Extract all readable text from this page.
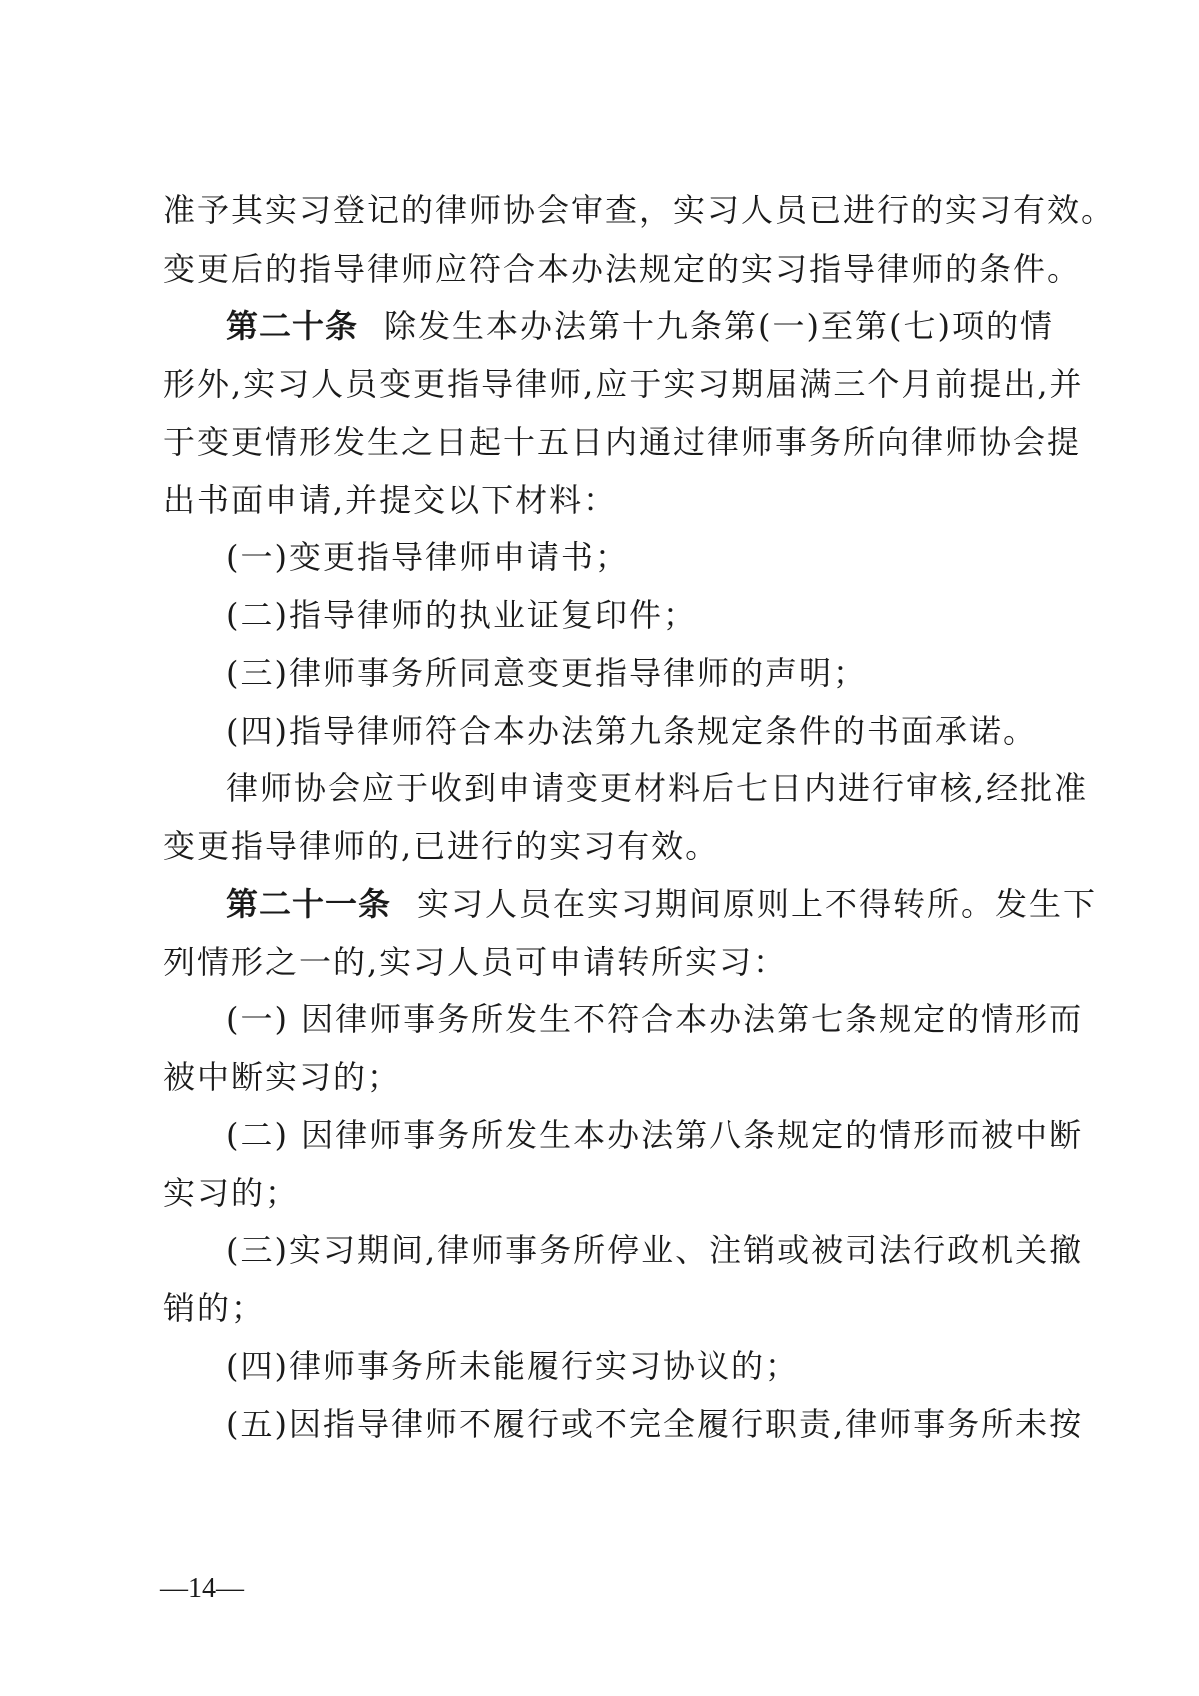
准予其实习登记的律师协会审查，实习人员已进行的实习有效。
变更后的指导律师应符合本办法规定的实习指导律师的条件。
第二十条 除发生本办法第十九条第(一)至第(七)项的情
形外,实习人员变更指导律师,应于实习期届满三个月前提出,并
于变更情形发生之日起十五日内通过律师事务所向律师协会提
出书面申请,并提交以下材料：
(一)变更指导律师申请书；
(二)指导律师的执业证复印件；
(三)律师事务所同意变更指导律师的声明；
(四)指导律师符合本办法第九条规定条件的书面承诺。
律师协会应于收到申请变更材料后七日内进行审核,经批准
变更指导律师的,已进行的实习有效。
第二十一条 实习人员在实习期间原则上不得转所。发生下
列情形之一的,实习人员可申请转所实习：
(一) 因律师事务所发生不符合本办法第七条规定的情形而
被中断实习的；
(二) 因律师事务所发生本办法第八条规定的情形而被中断
实习的；
(三)实习期间,律师事务所停业、注销或被司法行政机关撤
销的；
(四)律师事务所未能履行实习协议的；
(五)因指导律师不履行或不完全履行职责,律师事务所未按
—14—
